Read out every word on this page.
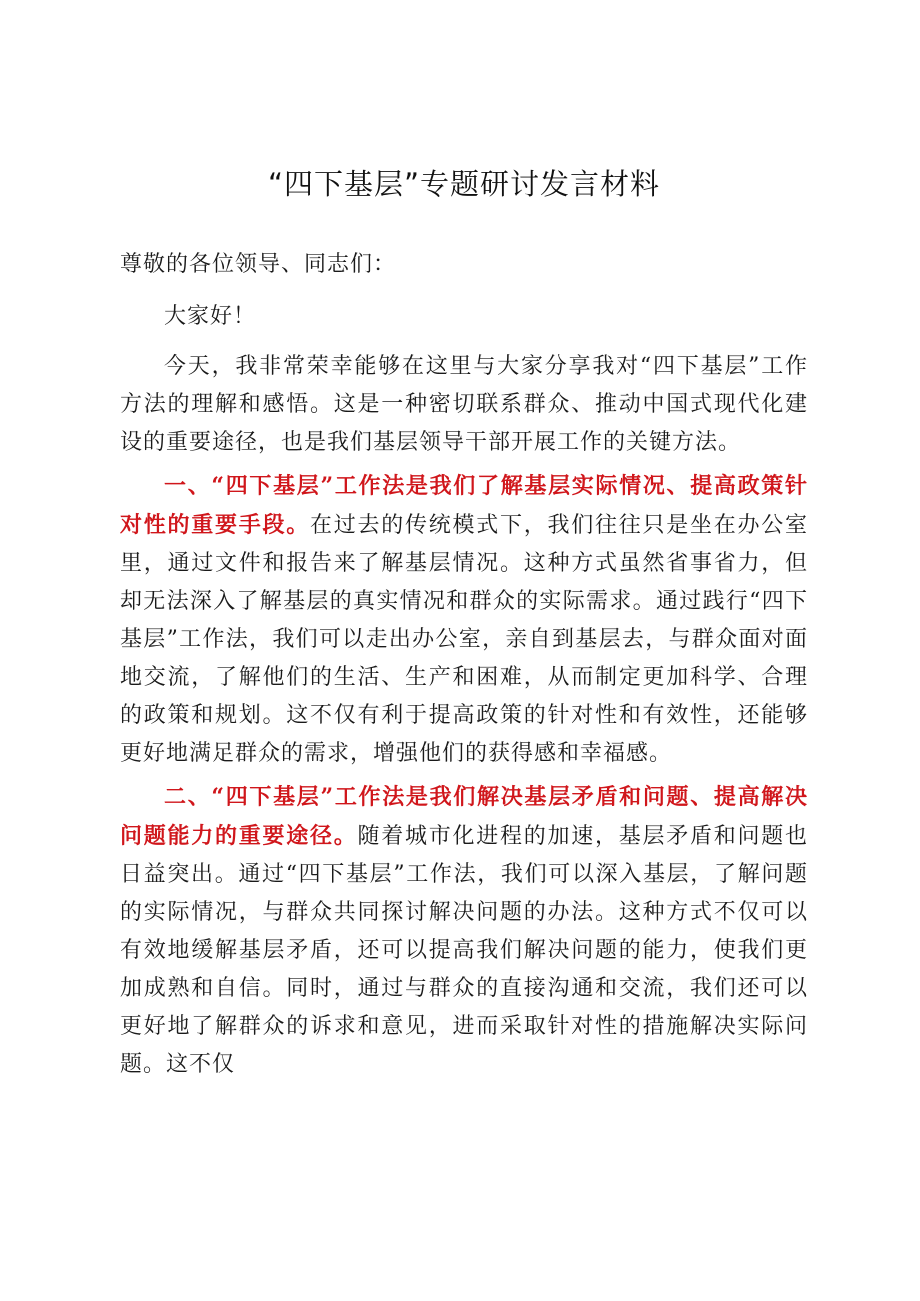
“四下基层”专题研讨发言材料

尊敬的各位领导、同志们：

大家好！

今天，我非常荣幸能够在这里与大家分享我对“四下基层”工作方法的理解和感悟。这是一种密切联系群众、推动中国式现代化建设的重要途径，也是我们基层领导干部开展工作的关键方法。

一、“四下基层”工作法是我们了解基层实际情况、提高政策针对性的重要手段。在过去的传统模式下，我们往往只是坐在办公室里，通过文件和报告来了解基层情况。这种方式虽然省事省力，但却无法深入了解基层的真实情况和群众的实际需求。通过践行“四下基层”工作法，我们可以走出办公室，亲自到基层去，与群众面对面地交流，了解他们的生活、生产和困难，从而制定更加科学、合理的政策和规划。这不仅有利于提高政策的针对性和有效性，还能够更好地满足群众的需求，增强他们的获得感和幸福感。

二、“四下基层”工作法是我们解决基层矛盾和问题、提高解决问题能力的重要途径。随着城市化进程的加速，基层矛盾和问题也日益突出。通过“四下基层”工作法，我们可以深入基层，了解问题的实际情况，与群众共同探讨解决问题的办法。这种方式不仅可以有效地缓解基层矛盾，还可以提高我们解决问题的能力，使我们更加成熟和自信。同时，通过与群众的直接沟通和交流，我们还可以更好地了解群众的诉求和意见，进而采取针对性的措施解决实际问题。这不仅
